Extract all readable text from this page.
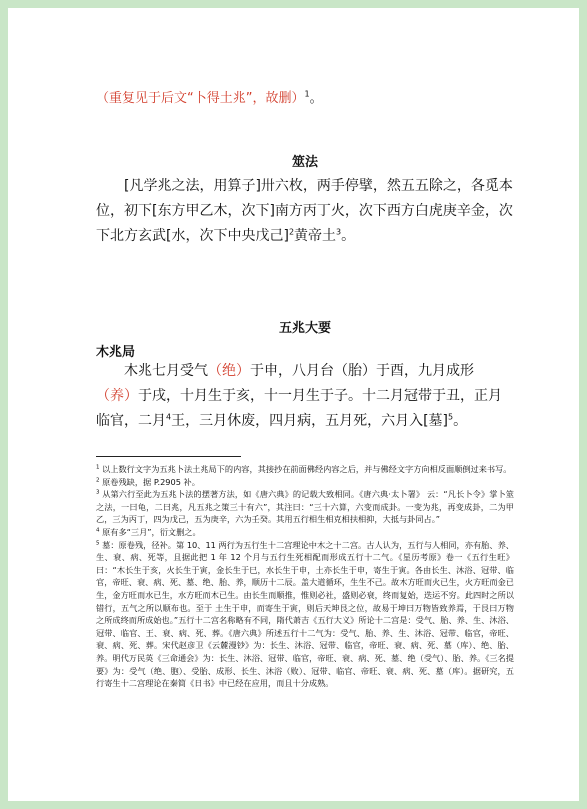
（重复见于后文“卜得土兆”，故删）$^1$。
筮法
[凡学兆之法，用算子]卅六枚，两手停擘，然五五除之，各觅本位，初下[东方甲乙木，次下]南方丙丁火，次下西方白虎庚辛金，次下北方玄武[水，次下中央戊己]$^2$黄帝土$^3$。
五兆大要
木兆局
木兆七月受气（绝）于申，八月台（胎）于酉，九月成形（养）于戌，十月生于亥，十一月生于子。十二月冠带于丑，正月临官，二月$^4$王，三月休废，四月病，五月死，六月入[墓]$^5$。

$^1$ 以上数行文字为五兆卜法土兆局下的内容，其接抄在前面佛经内容之后，并与佛经文字方向相反面顺倒过来书写。

$^2$ 原卷残缺，据 P.2905 补。

$^3$ 从第六行至此为五兆卜法的摆著方法，如《唐六典》的记载大致相同。《唐六典·太卜署》 云：“凡长卜令》掌卜筮之法，一曰龟，二曰兆，凡五兆之策三十有六”，其注曰：“三十六算，六变而成卦。一变为兆，再变成卦，二为甲乙，三为丙丁，四为戊己，五为庚辛，六为壬癸。其用五行相生相克相扶相抑，大抵与卦同占。”

$^4$ 原有多“三月”，衍文删之。

$^5$ 墓：原卷残，径补。第 10、11 两行为五行生十二宫理论中木之十二宫。古人认为，五行与人相同，亦有胎、养、生、衰、病、死等，且据此把 1 年 12 个月与五行生死相配而形成五行十二气。《星历考原》卷一《五行生旺》曰：“木长生于亥，火长生于寅，金长生于巳，水长生于申，土亦长生于申，寄生于寅。各由长生、沐浴、冠带、临官，帝旺、衰、病、死、墓、绝、胎、养，顺历十二辰。盖大道循环，生生不己。故木方旺而火已生，火方旺而金已生，金方旺而水已生，水方旺而木已生。由长生而顺推，惟则必社，盛则必衰，终而复始，迭运不穷。此四时之所以错行，五气之所以顺布也。至于 土生于申，而寄生于寅，则后天坤艮之位，故易于坤曰万物皆致养焉，于艮曰万物之所成终而所成始也。”五行十二宫名称略有不同，隋代萧吉《五行大义》所论十二宫是：受气、胎、养、生、沐浴、冠带、临官、王、衰、病、死、葬。《唐六典》所述五行十二气为：受气、胎、养、生、沐浴、冠带、临官，帝旺、衰、病、死、葬。宋代赵彦卫《云麓漫钞》为：长生、沐浴、冠带、临官，帝旺、衰、病、死、墓（库）、绝、胎、养。明代万民英《三命通会》为：长生、沐浴、冠带、临官，帝旺、衰、病、死、墓、绝（受气）、胎、养。《三名提要》为：受气（绝、胞）、受胎、成形、长生、沐浴（败）、冠带、临官、帝旺、衰、病、死、墓（库）。据研究，五行寄生十二宫理论在秦简《日书》中已经在应用，而且十分成熟。
